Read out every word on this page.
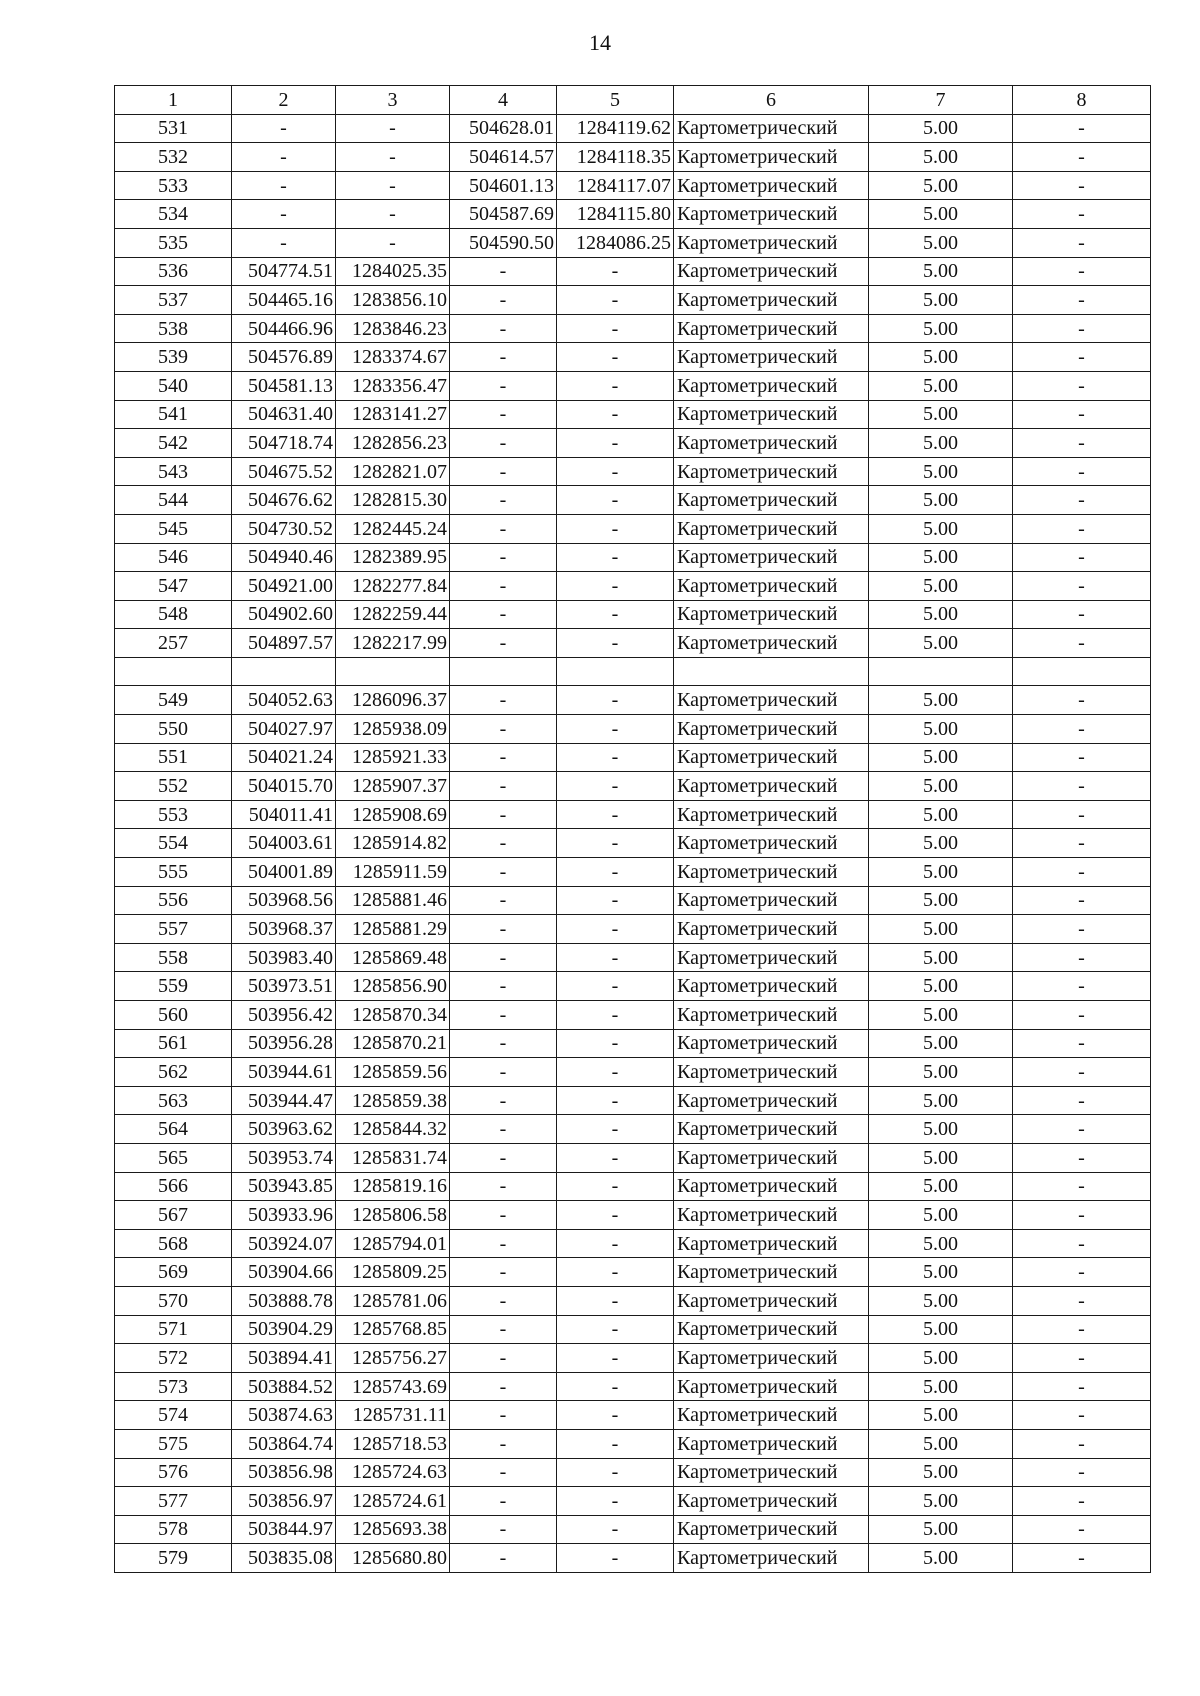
14
1	2	3	4	5	6	7	8
531	-	-	504628.01	1284119.62	Картометрический	5.00	-
532	-	-	504614.57	1284118.35	Картометрический	5.00	-
533	-	-	504601.13	1284117.07	Картометрический	5.00	-
534	-	-	504587.69	1284115.80	Картометрический	5.00	-
535	-	-	504590.50	1284086.25	Картометрический	5.00	-
536	504774.51	1284025.35	-	-	Картометрический	5.00	-
537	504465.16	1283856.10	-	-	Картометрический	5.00	-
538	504466.96	1283846.23	-	-	Картометрический	5.00	-
539	504576.89	1283374.67	-	-	Картометрический	5.00	-
540	504581.13	1283356.47	-	-	Картометрический	5.00	-
541	504631.40	1283141.27	-	-	Картометрический	5.00	-
542	504718.74	1282856.23	-	-	Картометрический	5.00	-
543	504675.52	1282821.07	-	-	Картометрический	5.00	-
544	504676.62	1282815.30	-	-	Картометрический	5.00	-
545	504730.52	1282445.24	-	-	Картометрический	5.00	-
546	504940.46	1282389.95	-	-	Картометрический	5.00	-
547	504921.00	1282277.84	-	-	Картометрический	5.00	-
548	504902.60	1282259.44	-	-	Картометрический	5.00	-
257	504897.57	1282217.99	-	-	Картометрический	5.00	-

549	504052.63	1286096.37	-	-	Картометрический	5.00	-
550	504027.97	1285938.09	-	-	Картометрический	5.00	-
551	504021.24	1285921.33	-	-	Картометрический	5.00	-
552	504015.70	1285907.37	-	-	Картометрический	5.00	-
553	504011.41	1285908.69	-	-	Картометрический	5.00	-
554	504003.61	1285914.82	-	-	Картометрический	5.00	-
555	504001.89	1285911.59	-	-	Картометрический	5.00	-
556	503968.56	1285881.46	-	-	Картометрический	5.00	-
557	503968.37	1285881.29	-	-	Картометрический	5.00	-
558	503983.40	1285869.48	-	-	Картометрический	5.00	-
559	503973.51	1285856.90	-	-	Картометрический	5.00	-
560	503956.42	1285870.34	-	-	Картометрический	5.00	-
561	503956.28	1285870.21	-	-	Картометрический	5.00	-
562	503944.61	1285859.56	-	-	Картометрический	5.00	-
563	503944.47	1285859.38	-	-	Картометрический	5.00	-
564	503963.62	1285844.32	-	-	Картометрический	5.00	-
565	503953.74	1285831.74	-	-	Картометрический	5.00	-
566	503943.85	1285819.16	-	-	Картометрический	5.00	-
567	503933.96	1285806.58	-	-	Картометрический	5.00	-
568	503924.07	1285794.01	-	-	Картометрический	5.00	-
569	503904.66	1285809.25	-	-	Картометрический	5.00	-
570	503888.78	1285781.06	-	-	Картометрический	5.00	-
571	503904.29	1285768.85	-	-	Картометрический	5.00	-
572	503894.41	1285756.27	-	-	Картометрический	5.00	-
573	503884.52	1285743.69	-	-	Картометрический	5.00	-
574	503874.63	1285731.11	-	-	Картометрический	5.00	-
575	503864.74	1285718.53	-	-	Картометрический	5.00	-
576	503856.98	1285724.63	-	-	Картометрический	5.00	-
577	503856.97	1285724.61	-	-	Картометрический	5.00	-
578	503844.97	1285693.38	-	-	Картометрический	5.00	-
579	503835.08	1285680.80	-	-	Картометрический	5.00	-
